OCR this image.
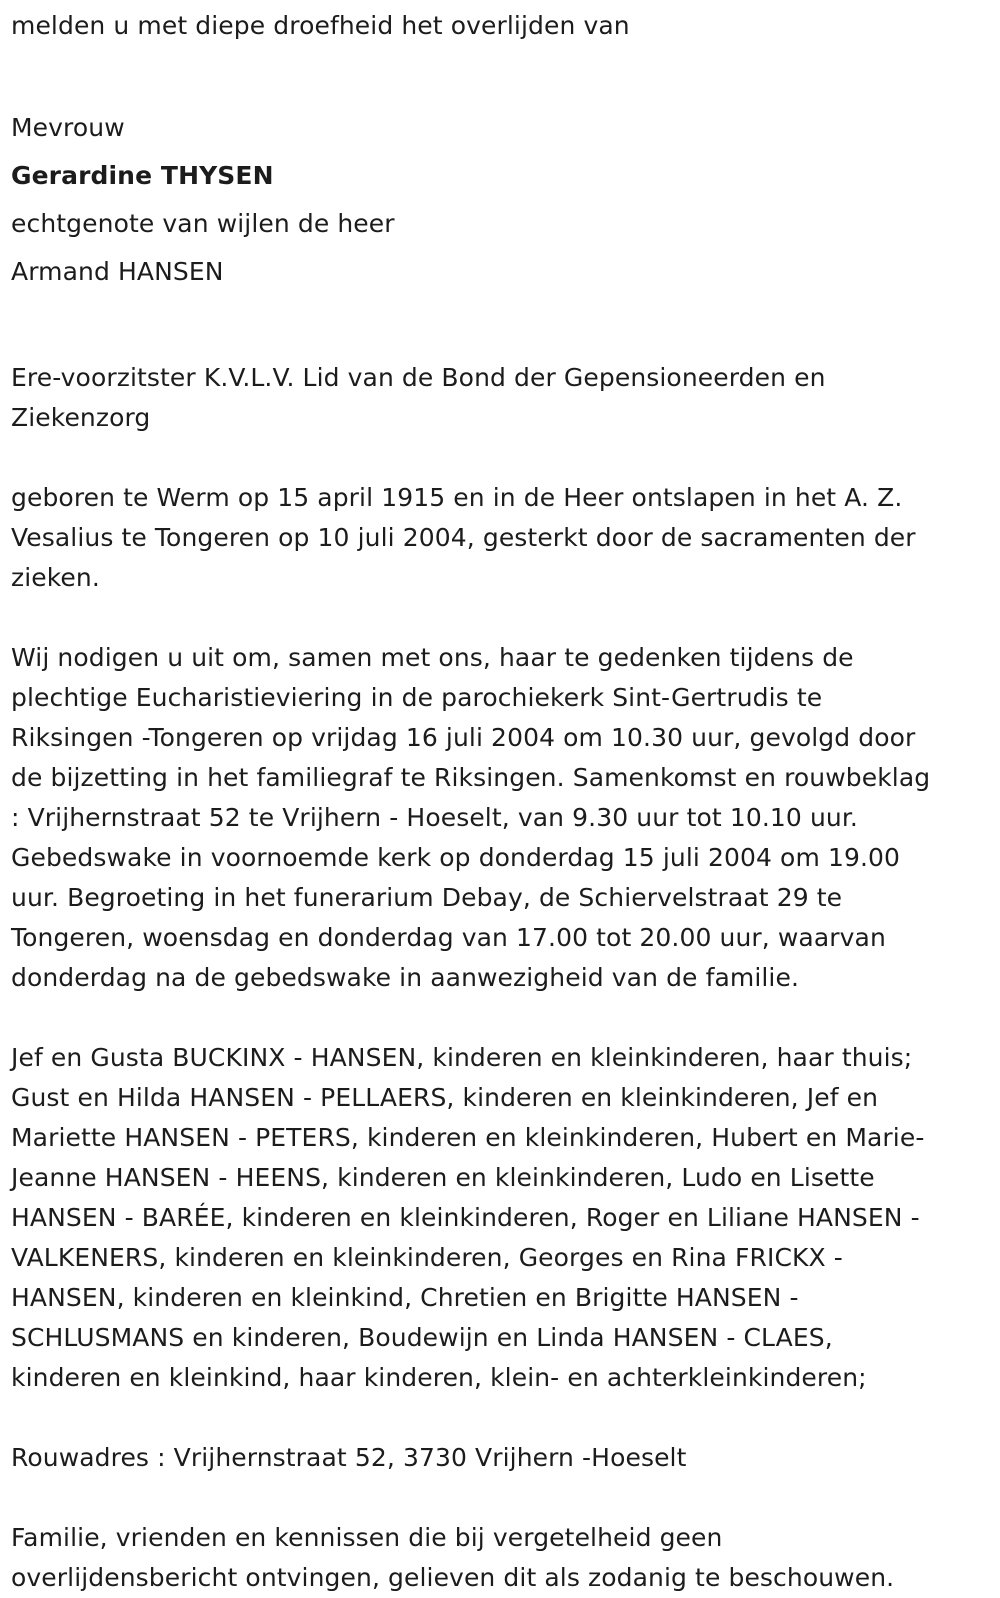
melden u met diepe droefheid het overlijden van

Mevrouw

Gerardine THYSEN

echtgenote van wijlen de heer

Armand HANSEN

Ere-voorzitster K.V.L.V. Lid van de Bond der Gepensioneerden en

Ziekenzorg

geboren te Werm op 15 april 1915 en in de Heer ontslapen in het A. Z.

Vesalius te Tongeren op 10 juli 2004, gesterkt door de sacramenten der

zieken.

Wij nodigen u uit om, samen met ons, haar te gedenken tijdens de

plechtige Eucharistieviering in de parochiekerk Sint-Gertrudis te

Riksingen -Tongeren op vrijdag 16 juli 2004 om 10.30 uur, gevolgd door

de bijzetting in het familiegraf te Riksingen. Samenkomst en rouwbeklag

: Vrijhernstraat 52 te Vrijhern - Hoeselt, van 9.30 uur tot 10.10 uur.

Gebedswake in voornoemde kerk op donderdag 15 juli 2004 om 19.00

uur. Begroeting in het funerarium Debay, de Schiervelstraat 29 te

Tongeren, woensdag en donderdag van 17.00 tot 20.00 uur, waarvan

donderdag na de gebedswake in aanwezigheid van de familie.

Jef en Gusta BUCKINX - HANSEN, kinderen en kleinkinderen, haar thuis;

Gust en Hilda HANSEN - PELLAERS, kinderen en kleinkinderen, Jef en

Mariette HANSEN - PETERS, kinderen en kleinkinderen, Hubert en Marie-

Jeanne HANSEN - HEENS, kinderen en kleinkinderen, Ludo en Lisette

HANSEN - BARÉE, kinderen en kleinkinderen, Roger en Liliane HANSEN -

VALKENERS, kinderen en kleinkinderen, Georges en Rina FRICKX -

HANSEN, kinderen en kleinkind, Chretien en Brigitte HANSEN -

SCHLUSMANS en kinderen, Boudewijn en Linda HANSEN - CLAES,

kinderen en kleinkind, haar kinderen, klein- en achterkleinkinderen;

Rouwadres : Vrijhernstraat 52, 3730 Vrijhern -Hoeselt

Familie, vrienden en kennissen die bij vergetelheid geen

overlijdensbericht ontvingen, gelieven dit als zodanig te beschouwen.
